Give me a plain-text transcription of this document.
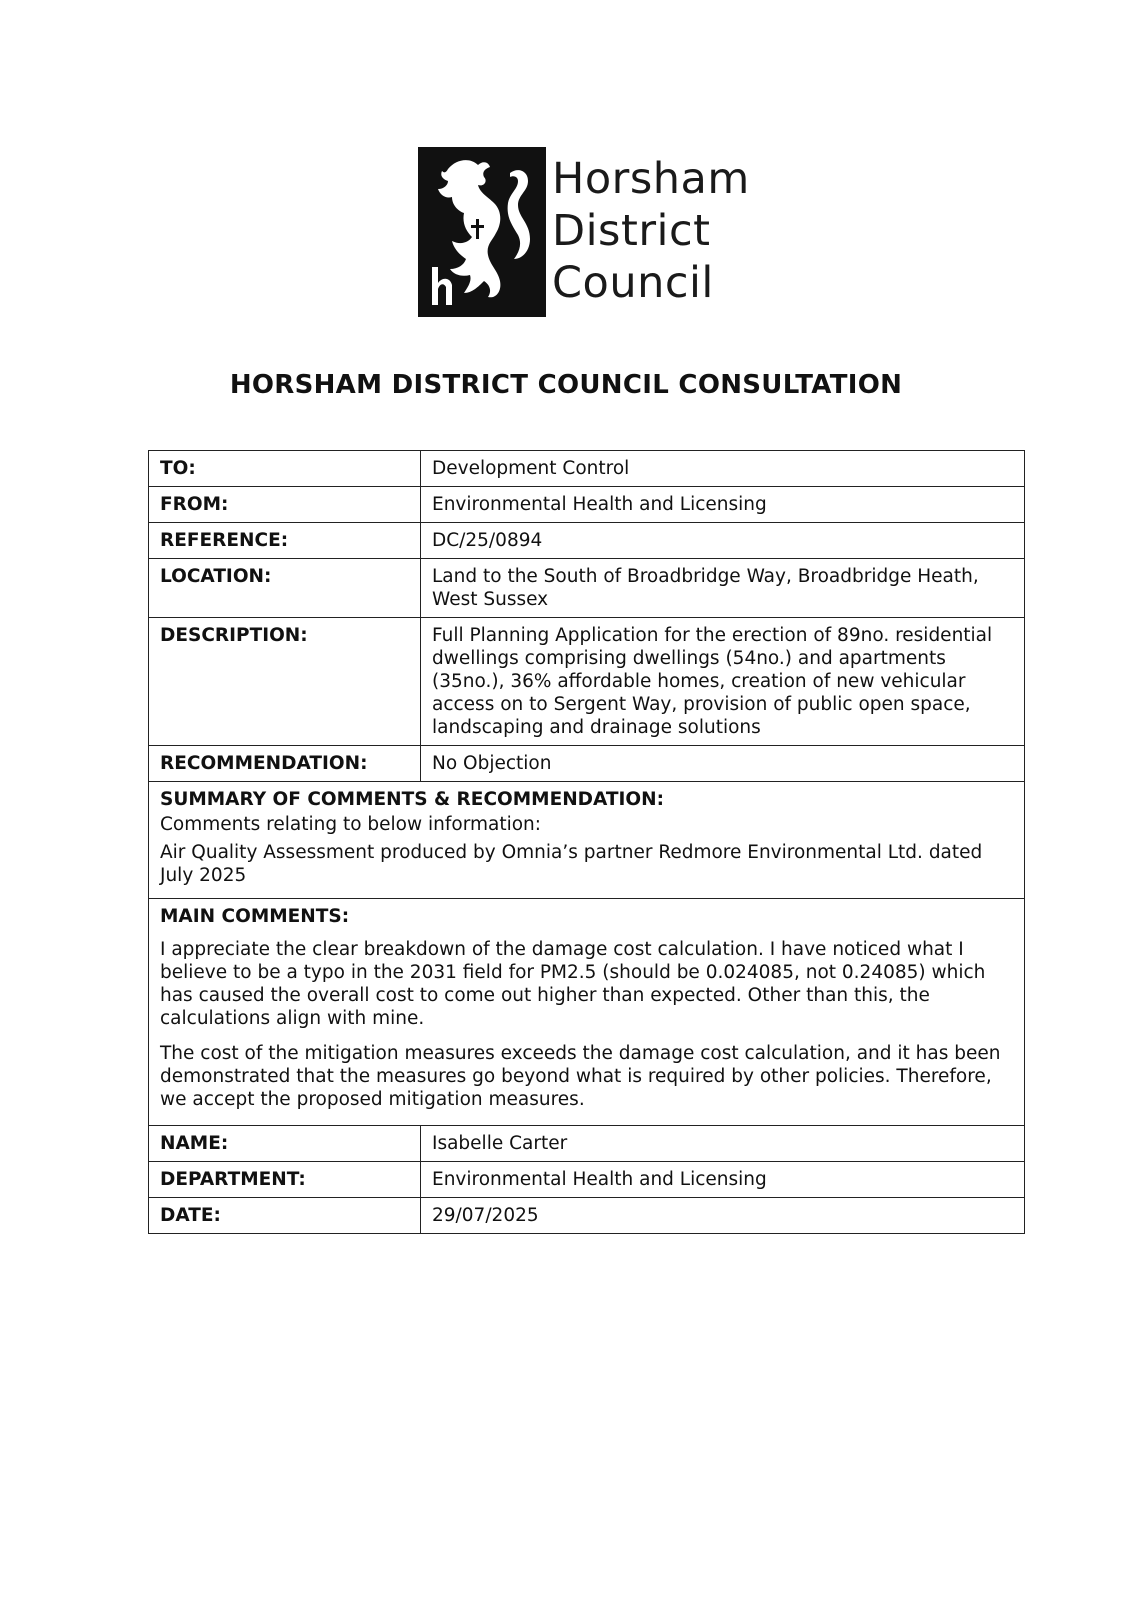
Horsham
District
Council
HORSHAM DISTRICT COUNCIL CONSULTATION
TO:	Development Control
FROM:	Environmental Health and Licensing
REFERENCE:	DC/25/0894
LOCATION:	Land to the South of Broadbridge Way, Broadbridge Heath, West Sussex
DESCRIPTION:	Full Planning Application for the erection of 89no. residential dwellings comprising dwellings (54no.) and apartments (35no.), 36% affordable homes, creation of new vehicular access on to Sergent Way, provision of public open space, landscaping and drainage solutions
RECOMMENDATION:	No Objection

SUMMARY OF COMMENTS & RECOMMENDATION:
Comments relating to below information:
Air Quality Assessment produced by Omnia’s partner Redmore Environmental Ltd. dated July 2025	

MAIN COMMENTS:
I appreciate the clear breakdown of the damage cost calculation. I have noticed what I believe to be a typo in the 2031 field for PM2.5 (should be 0.024085, not 0.24085) which has caused the overall cost to come out higher than expected. Other than this, the calculations align with mine.
The cost of the mitigation measures exceeds the damage cost calculation, and it has been demonstrated that the measures go beyond what is required by other policies. Therefore, we accept the proposed mitigation measures.	

NAME:	Isabelle Carter
DEPARTMENT:	Environmental Health and Licensing
DATE:	29/07/2025
